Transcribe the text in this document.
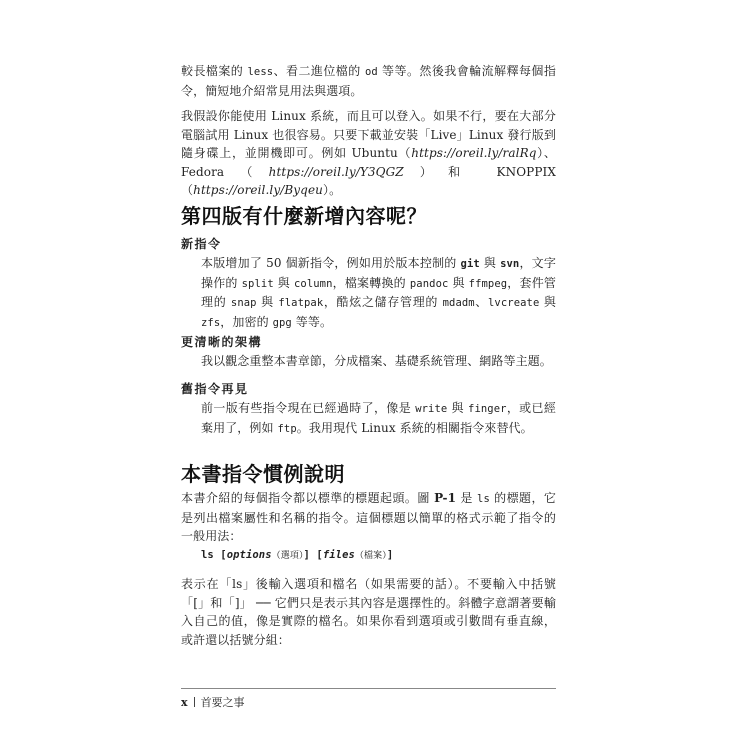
較長檔案的 less、看二進位檔的 od 等等。然後我會輪流解釋每個指令，簡短地介紹常見用法與選項。

我假設你能使用 Linux 系統，而且可以登入。如果不行，要在大部分電腦試用 Linux 也很容易。只要下載並安裝「Live」Linux 發行版到隨身碟上，並開機即可。例如 Ubuntu（https://oreil.ly/ralRq）、Fedora（https://oreil.ly/Y3QGZ）和 KNOPPIX（https://oreil.ly/Byqeu）。

第四版有什麼新增內容呢？

新指令

本版增加了 50 個新指令，例如用於版本控制的 git 與 svn，文字操作的 split 與 column，檔案轉換的 pandoc 與 ffmpeg，套件管理的 snap 與 flatpak，酷炫之儲存管理的 mdadm、lvcreate 與 zfs，加密的 gpg 等等。

更清晰的架構

我以觀念重整本書章節，分成檔案、基礎系統管理、網路等主題。

舊指令再見

前一版有些指令現在已經過時了，像是 write 與 finger，或已經棄用了，例如 ftp。我用現代 Linux 系統的相關指令來替代。

本書指令慣例說明

本書介紹的每個指令都以標準的標題起頭。圖 P-1 是 ls 的標題，它是列出檔案屬性和名稱的指令。這個標題以簡單的格式示範了指令的一般用法：

ls [options（選項）] [files（檔案）]

表示在「ls」後輸入選項和檔名（如果需要的話）。不要輸入中括號「[」和「]」 ── 它們只是表示其內容是選擇性的。斜體字意謂著要輸入自己的值，像是實際的檔名。如果你看到選項或引數間有垂直線，或許還以括號分組：

x 首要之事
